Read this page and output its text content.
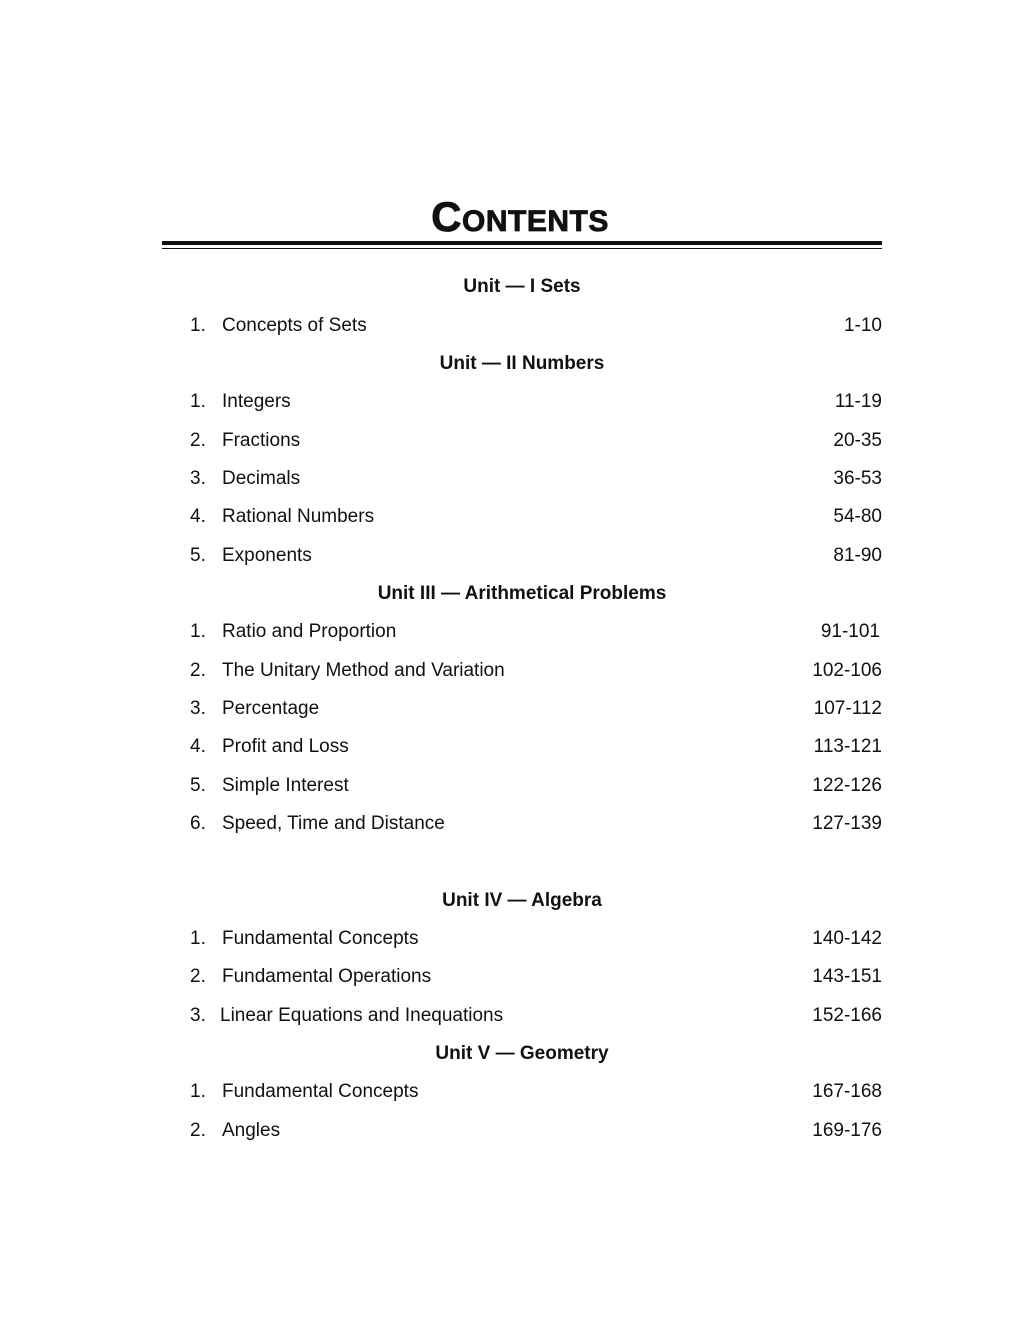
CONTENTS
Unit — I Sets
1. Concepts of Sets	1-10
Unit — II Numbers
1. Integers	11-19
2. Fractions	20-35
3. Decimals	36-53
4. Rational Numbers	54-80
5. Exponents	81-90
Unit III — Arithmetical Problems
1. Ratio and Proportion	91-101
2. The Unitary Method and Variation	102-106
3. Percentage	107-112
4. Profit and Loss	113-121
5. Simple Interest	122-126
6. Speed, Time and Distance	127-139
Unit IV — Algebra
1. Fundamental Concepts	140-142
2. Fundamental Operations	143-151
3. Linear Equations and Inequations	152-166
Unit V — Geometry
1. Fundamental Concepts	167-168
2. Angles	169-176
